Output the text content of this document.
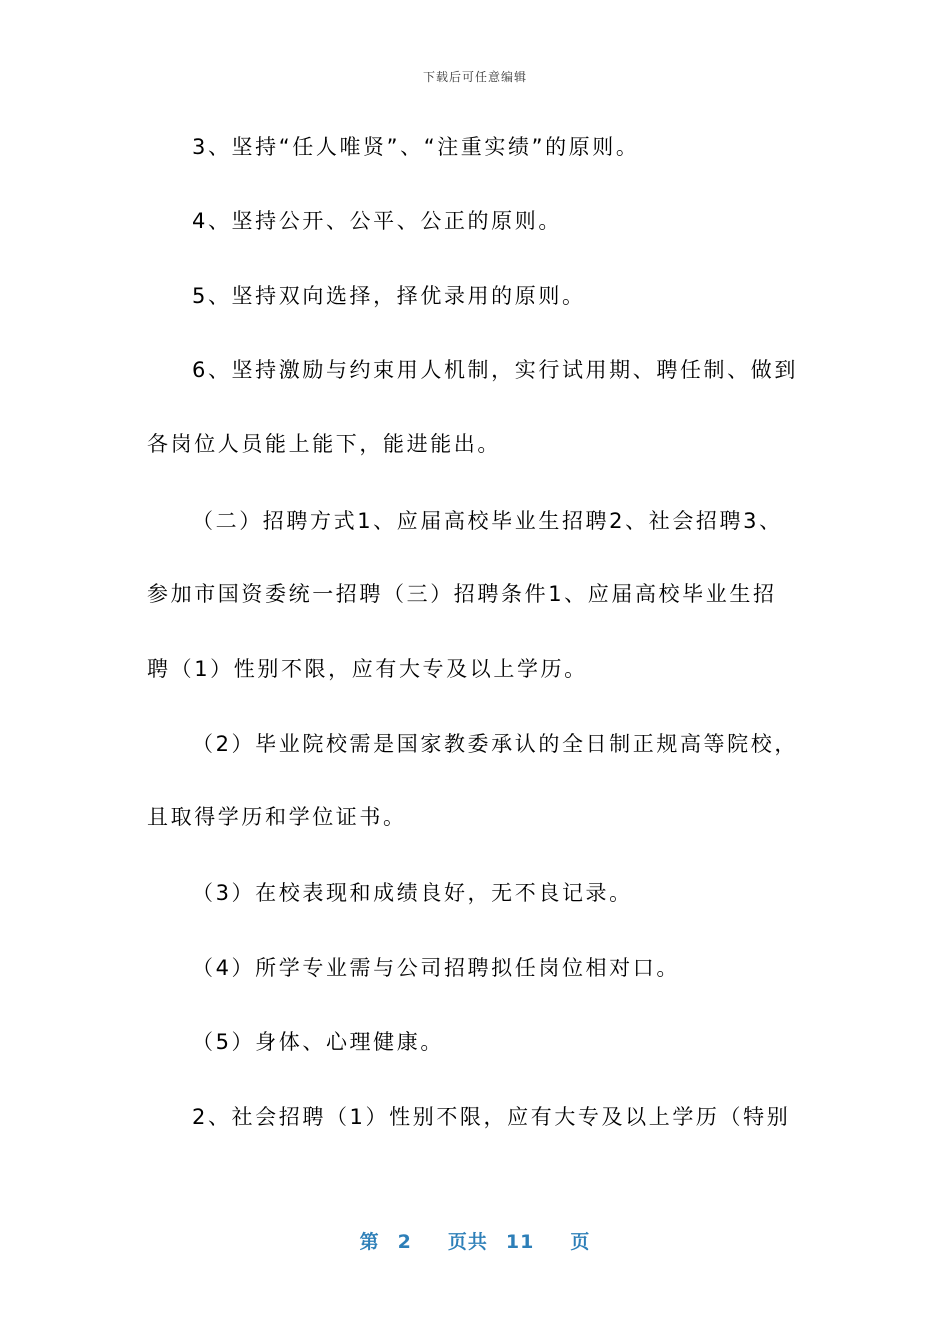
下载后可任意编辑
3、坚持“任人唯贤”、“注重实绩”的原则。
4、坚持公开、公平、公正的原则。
5、坚持双向选择，择优录用的原则。
6、坚持激励与约束用人机制，实行试用期、聘任制、做到
各岗位人员能上能下，能进能出。
（二）招聘方式1、应届高校毕业生招聘2、社会招聘3、
参加市国资委统一招聘（三）招聘条件1、应届高校毕业生招
聘（1）性别不限，应有大专及以上学历。
（2）毕业院校需是国家教委承认的全日制正规高等院校，
且取得学历和学位证书。
（3）在校表现和成绩良好，无不良记录。
（4）所学专业需与公司招聘拟任岗位相对口。
（5）身体、心理健康。
2、社会招聘（1）性别不限，应有大专及以上学历（特别
第 2 页共 11 页
